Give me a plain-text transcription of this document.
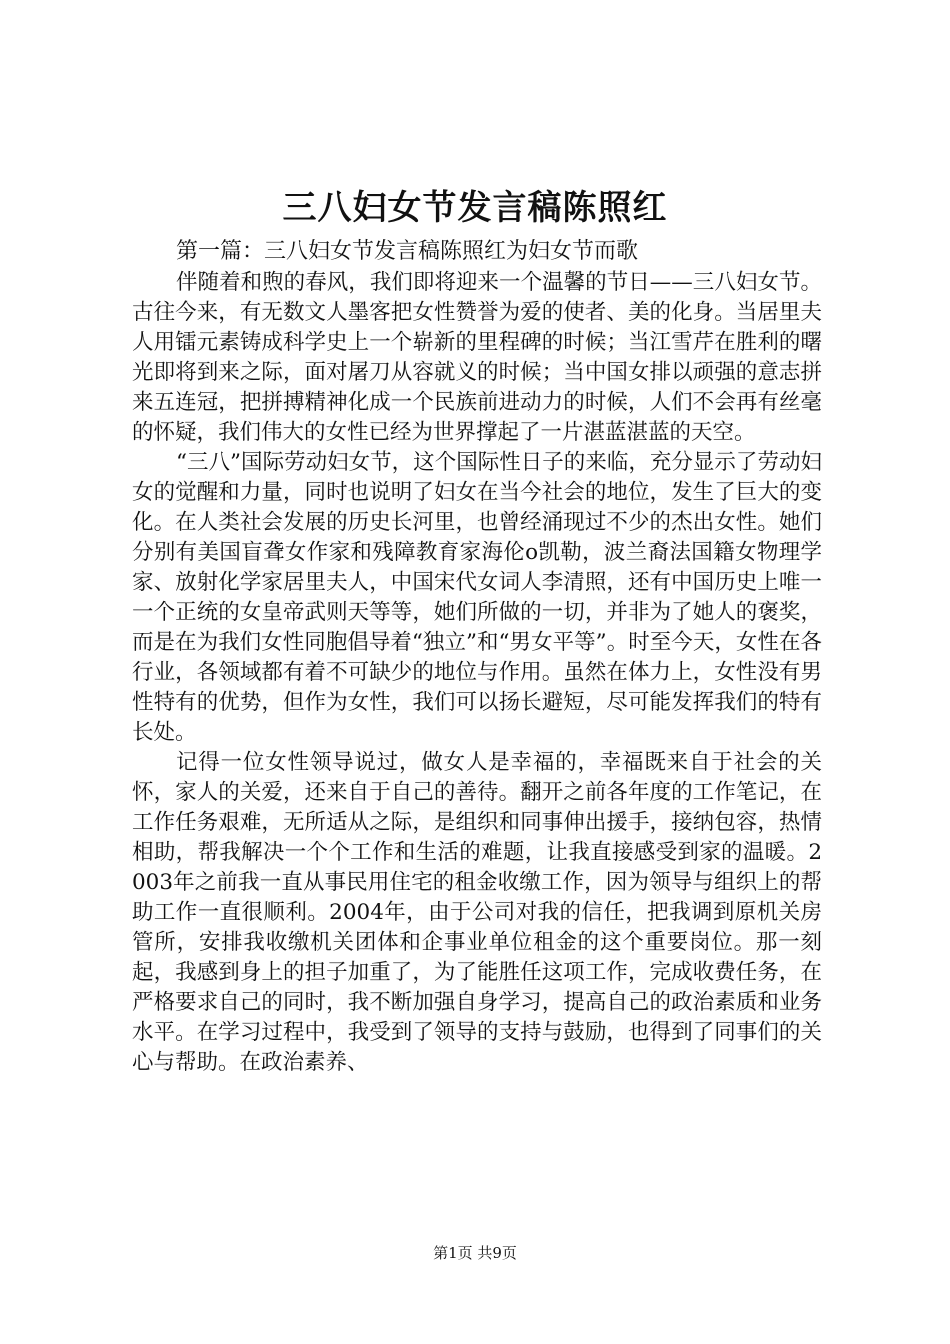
三八妇女节发言稿陈照红
第一篇：三八妇女节发言稿陈照红为妇女节而歌

伴随着和煦的春风，我们即将迎来一个温馨的节日——三八妇女节。古往今来，有无数文人墨客把女性赞誉为爱的使者、美的化身。当居里夫人用镭元素铸成科学史上一个崭新的里程碑的时候；当江雪芹在胜利的曙光即将到来之际，面对屠刀从容就义的时候；当中国女排以顽强的意志拼来五连冠，把拼搏精神化成一个民族前进动力的时候，人们不会再有丝毫的怀疑，我们伟大的女性已经为世界撑起了一片湛蓝湛蓝的天空。

“三八”国际劳动妇女节，这个国际性日子的来临，充分显示了劳动妇女的觉醒和力量，同时也说明了妇女在当今社会的地位，发生了巨大的变化。在人类社会发展的历史长河里，也曾经涌现过不少的杰出女性。她们分别有美国盲聋女作家和残障教育家海伦o凯勒，波兰裔法国籍女物理学家、放射化学家居里夫人，中国宋代女词人李清照，还有中国历史上唯一一个正统的女皇帝武则天等等，她们所做的一切，并非为了她人的褒奖，而是在为我们女性同胞倡导着“独立”和“男女平等”。时至今天，女性在各行业，各领域都有着不可缺少的地位与作用。虽然在体力上，女性没有男性特有的优势，但作为女性，我们可以扬长避短，尽可能发挥我们的特有长处。

记得一位女性领导说过，做女人是幸福的，幸福既来自于社会的关怀，家人的关爱，还来自于自己的善待。翻开之前各年度的工作笔记，在工作任务艰难，无所适从之际，是组织和同事伸出援手，接纳包容，热情相助，帮我解决一个个工作和生活的难题，让我直接感受到家的温暖。2003年之前我一直从事民用住宅的租金收缴工作，因为领导与组织上的帮助工作一直很顺利。2004年，由于公司对我的信任，把我调到原机关房管所，安排我收缴机关团体和企事业单位租金的这个重要岗位。那一刻起，我感到身上的担子加重了，为了能胜任这项工作，完成收费任务，在严格要求自己的同时，我不断加强自身学习，提高自己的政治素质和业务水平。在学习过程中，我受到了领导的支持与鼓励，也得到了同事们的关心与帮助。在政治素养、

第1页 共9页
